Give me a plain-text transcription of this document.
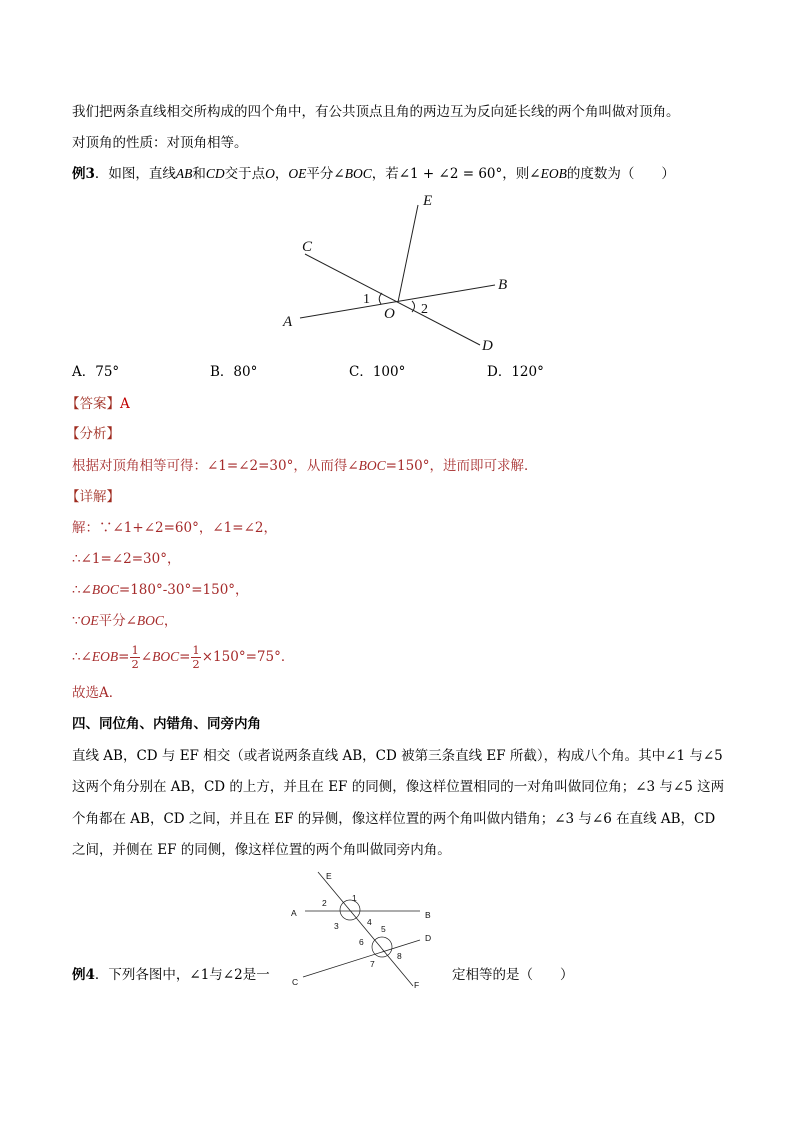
我们把两条直线相交所构成的四个角中，有公共顶点且角的两边互为反向延长线的两个角叫做对顶角。
对顶角的性质：对顶角相等。
例3．如图，直线AB和CD交于点O，OE平分∠BOC，若∠1 + ∠2 = 60°，则∠EOB的度数为（　　）
E
C
B
A	O
D
1
2
A．75°	B．80°	C．100°	D．120°
【答案】A
【分析】
根据对顶角相等可得：∠1=∠2=30°，从而得∠BOC=150°，进而即可求解．
【详解】
解：∵∠1+∠2=60°，∠1=∠2，
∴∠1=∠2=30°，
∴∠BOC=180°-30°=150°，
∵OE平分∠BOC，
∴∠ EOB = $\frac{1}{2}$ ∠ BOC = $\frac{1}{2} \times 150^\circ=75^\circ$．
故选A．
四、同位角、内错角、同旁内角
直线 AB，CD 与 EF 相交（或者说两条直线 AB，CD 被第三条直线 EF 所截），构成八个角。其中∠1 与∠5
这两个角分别在 AB，CD 的上方，并且在 EF 的同侧，像这样位置相同的一对角叫做同位角；∠3 与∠5 这两
个角都在 AB，CD 之间，并且在 EF 的异侧，像这样位置的两个角叫做内错角；∠3 与∠6 在直线 AB，CD
之间，并侧在 EF 的同侧，像这样位置的两个角叫做同旁内角。
E
A	B
C
D
F
1
2
3	4
5
6
7
8
例4．下列各图中，∠1与∠2是一	定相等的是（　　）
